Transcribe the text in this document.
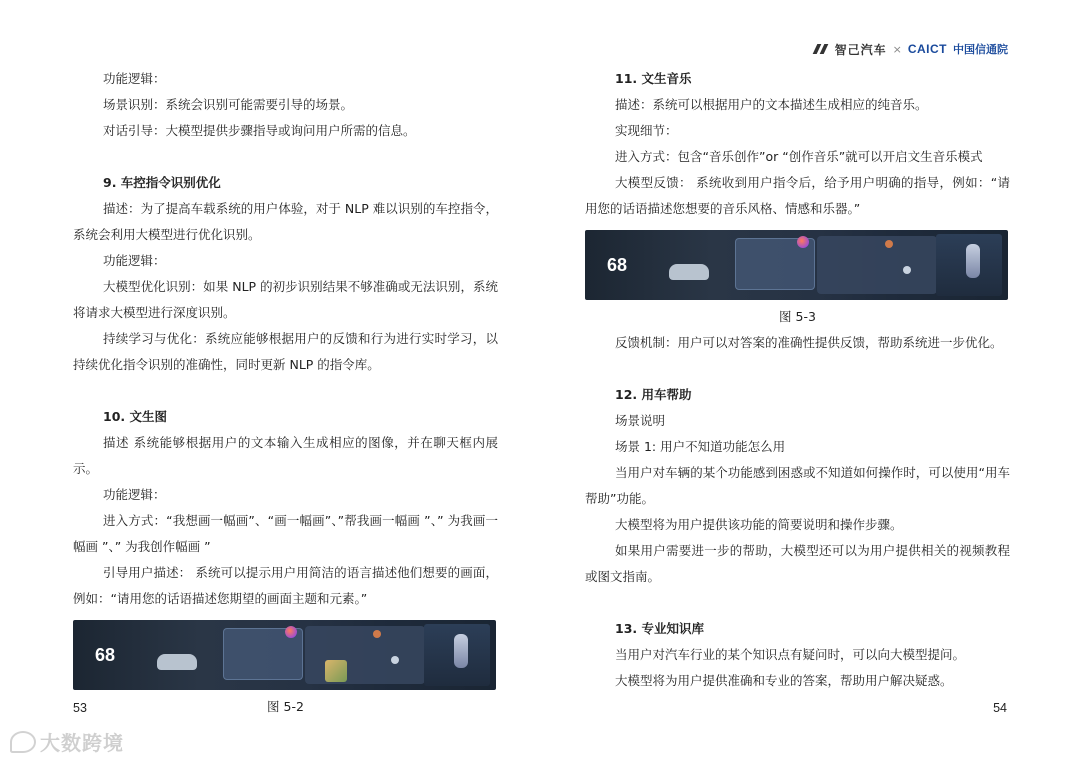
智己汽车 × CAICT 中国信通院
功能逻辑：
场景识别：系统会识别可能需要引导的场景。
对话引导：大模型提供步骤指导或询问用户所需的信息。
9. 车控指令识别优化
描述：为了提高车载系统的用户体验，对于 NLP 难以识别的车控指令，系统会利用大模型进行优化识别。
功能逻辑：
大模型优化识别：如果 NLP 的初步识别结果不够准确或无法识别，系统将请求大模型进行深度识别。
持续学习与优化：系统应能够根据用户的反馈和行为进行实时学习，以持续优化指令识别的准确性，同时更新 NLP 的指令库。
10. 文生图
描述 系统能够根据用户的文本输入生成相应的图像，并在聊天框内展示。
功能逻辑：
进入方式：“我想画一幅画”、“画一幅画”、”帮我画一幅画 ”、” 为我画一幅画 ”、” 为我创作幅画 ”
引导用户描述： 系统可以提示用户用简洁的语言描述他们想要的画面，例如：“请用您的话语描述您期望的画面主题和元素。”
68
图 5-2
11. 文生音乐
描述：系统可以根据用户的文本描述生成相应的纯音乐。
实现细节：
进入方式：包含“音乐创作”or “创作音乐”就可以开启文生音乐模式
大模型反馈： 系统收到用户指令后，给予用户明确的指导，例如：“请用您的话语描述您想要的音乐风格、情感和乐器。”
68
图 5-3
反馈机制：用户可以对答案的准确性提供反馈，帮助系统进一步优化。
12. 用车帮助
场景说明
场景 1: 用户不知道功能怎么用
当用户对车辆的某个功能感到困惑或不知道如何操作时，可以使用“用车帮助”功能。
大模型将为用户提供该功能的简要说明和操作步骤。
如果用户需要进一步的帮助，大模型还可以为用户提供相关的视频教程或图文指南。
13. 专业知识库
当用户对汽车行业的某个知识点有疑问时，可以向大模型提问。
大模型将为用户提供准确和专业的答案，帮助用户解决疑惑。
53	54
大数跨境
